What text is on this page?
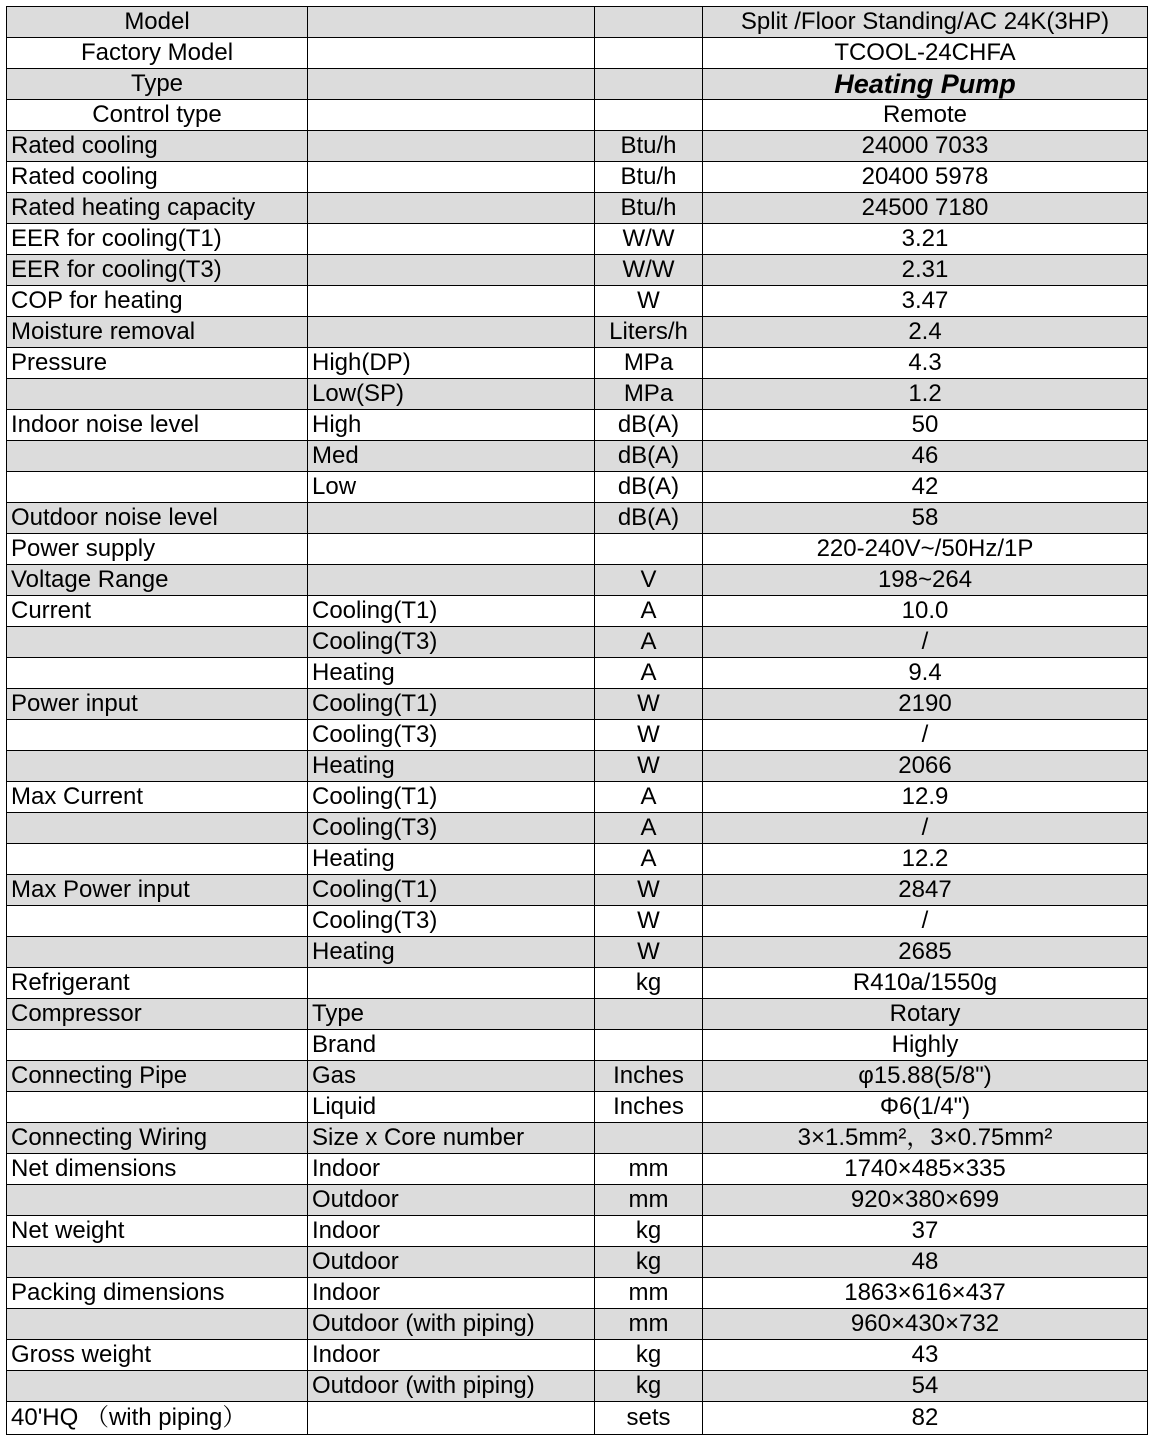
Model			Split /Floor Standing/AC 24K(3HP)
Factory Model			TCOOL-24CHFA
Type			Heating Pump
Control type			Remote
Rated cooling		Btu/h	24000 7033
Rated cooling		Btu/h	20400 5978
Rated heating capacity		Btu/h	24500 7180
EER for cooling(T1)		W/W	3.21
EER for cooling(T3)		W/W	2.31
COP for heating		W	3.47
Moisture removal		Liters/h	2.4
Pressure	High(DP)	MPa	4.3
	Low(SP)	MPa	1.2
Indoor noise level	High	dB(A)	50
	Med	dB(A)	46
	Low	dB(A)	42
Outdoor noise level		dB(A)	58
Power supply			220-240V~/50Hz/1P
Voltage Range		V	198~264
Current	Cooling(T1)	A	10.0
	Cooling(T3)	A	/
	Heating	A	9.4
Power input	Cooling(T1)	W	2190
	Cooling(T3)	W	/
	Heating	W	2066
Max Current	Cooling(T1)	A	12.9
	Cooling(T3)	A	/
	Heating	A	12.2
Max Power input	Cooling(T1)	W	2847
	Cooling(T3)	W	/
	Heating	W	2685
Refrigerant		kg	R410a/1550g
Compressor	Type		Rotary
	Brand		Highly
Connecting Pipe	Gas	Inches	φ15.88(5/8")
	Liquid	Inches	Φ6(1/4")
Connecting Wiring	Size x Core number		3×1.5mm²，3×0.75mm²
Net dimensions	Indoor	mm	1740×485×335
	Outdoor	mm	920×380×699
Net weight	Indoor	kg	37
	Outdoor	kg	48
Packing dimensions	Indoor	mm	1863×616×437
	Outdoor (with piping)	mm	960×430×732
Gross weight	Indoor	kg	43
	Outdoor (with piping)	kg	54
40'HQ （with piping）		sets	82
